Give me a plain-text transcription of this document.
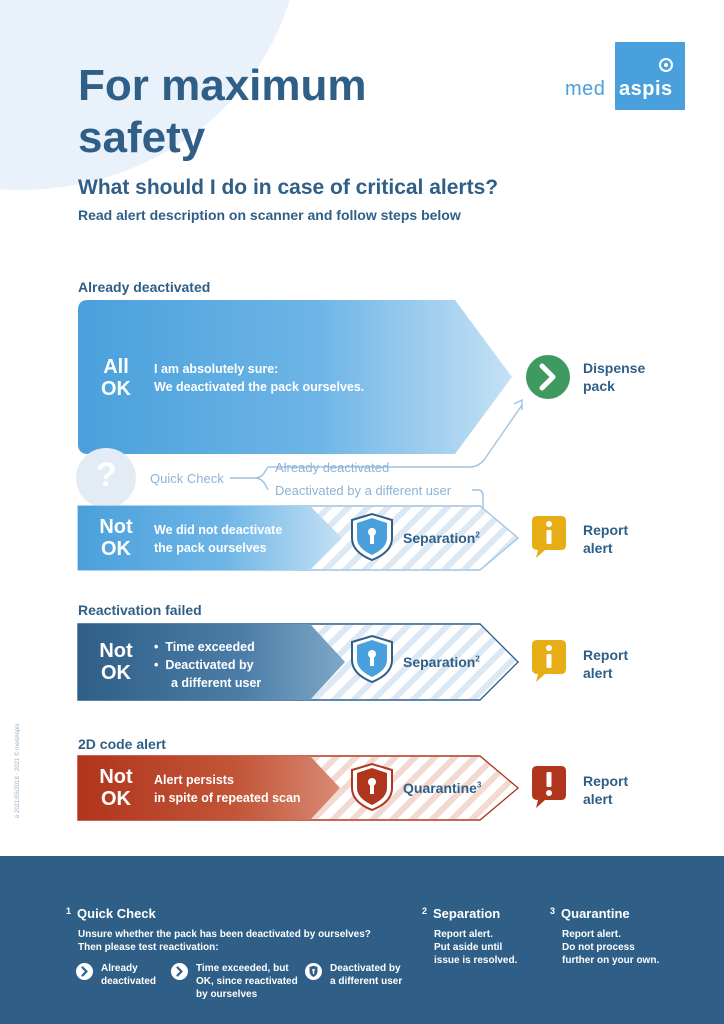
For maximum
safety
What should I do in case of critical alerts?
Read alert description on scanner and follow steps below
med aspis
Already deactivated
All
OK
I am absolutely sure:
We deactivated the pack ourselves.
Dispense
pack
?	Quick Check
Already deactivated
Deactivated by a different user
Not
OK
We did not deactivate
the pack ourselves
Separation$^2$	Report
alert
Reactivation failed
Not
OK
•  Time exceeded
•  Deactivated by
a different user
Separation$^2$	Report
alert
2D code alert
Not
OK
Alert persists
in spite of repeated scan
Quarantine$^3$	Report
alert
e 2021/05/2018 · 2021 © medAspis
$^1$ Quick Check
Unsure whether the pack has been deactivated by ourselves?
Then please test reactivation:
Already
deactivated
Time exceeded, but
OK, since reactivated
by ourselves
Deactivated by
a different user
$^2$ Separation
Report alert.
Put aside until
issue is resolved.
$^3$ Quarantine
Report alert.
Do not process
further on your own.
